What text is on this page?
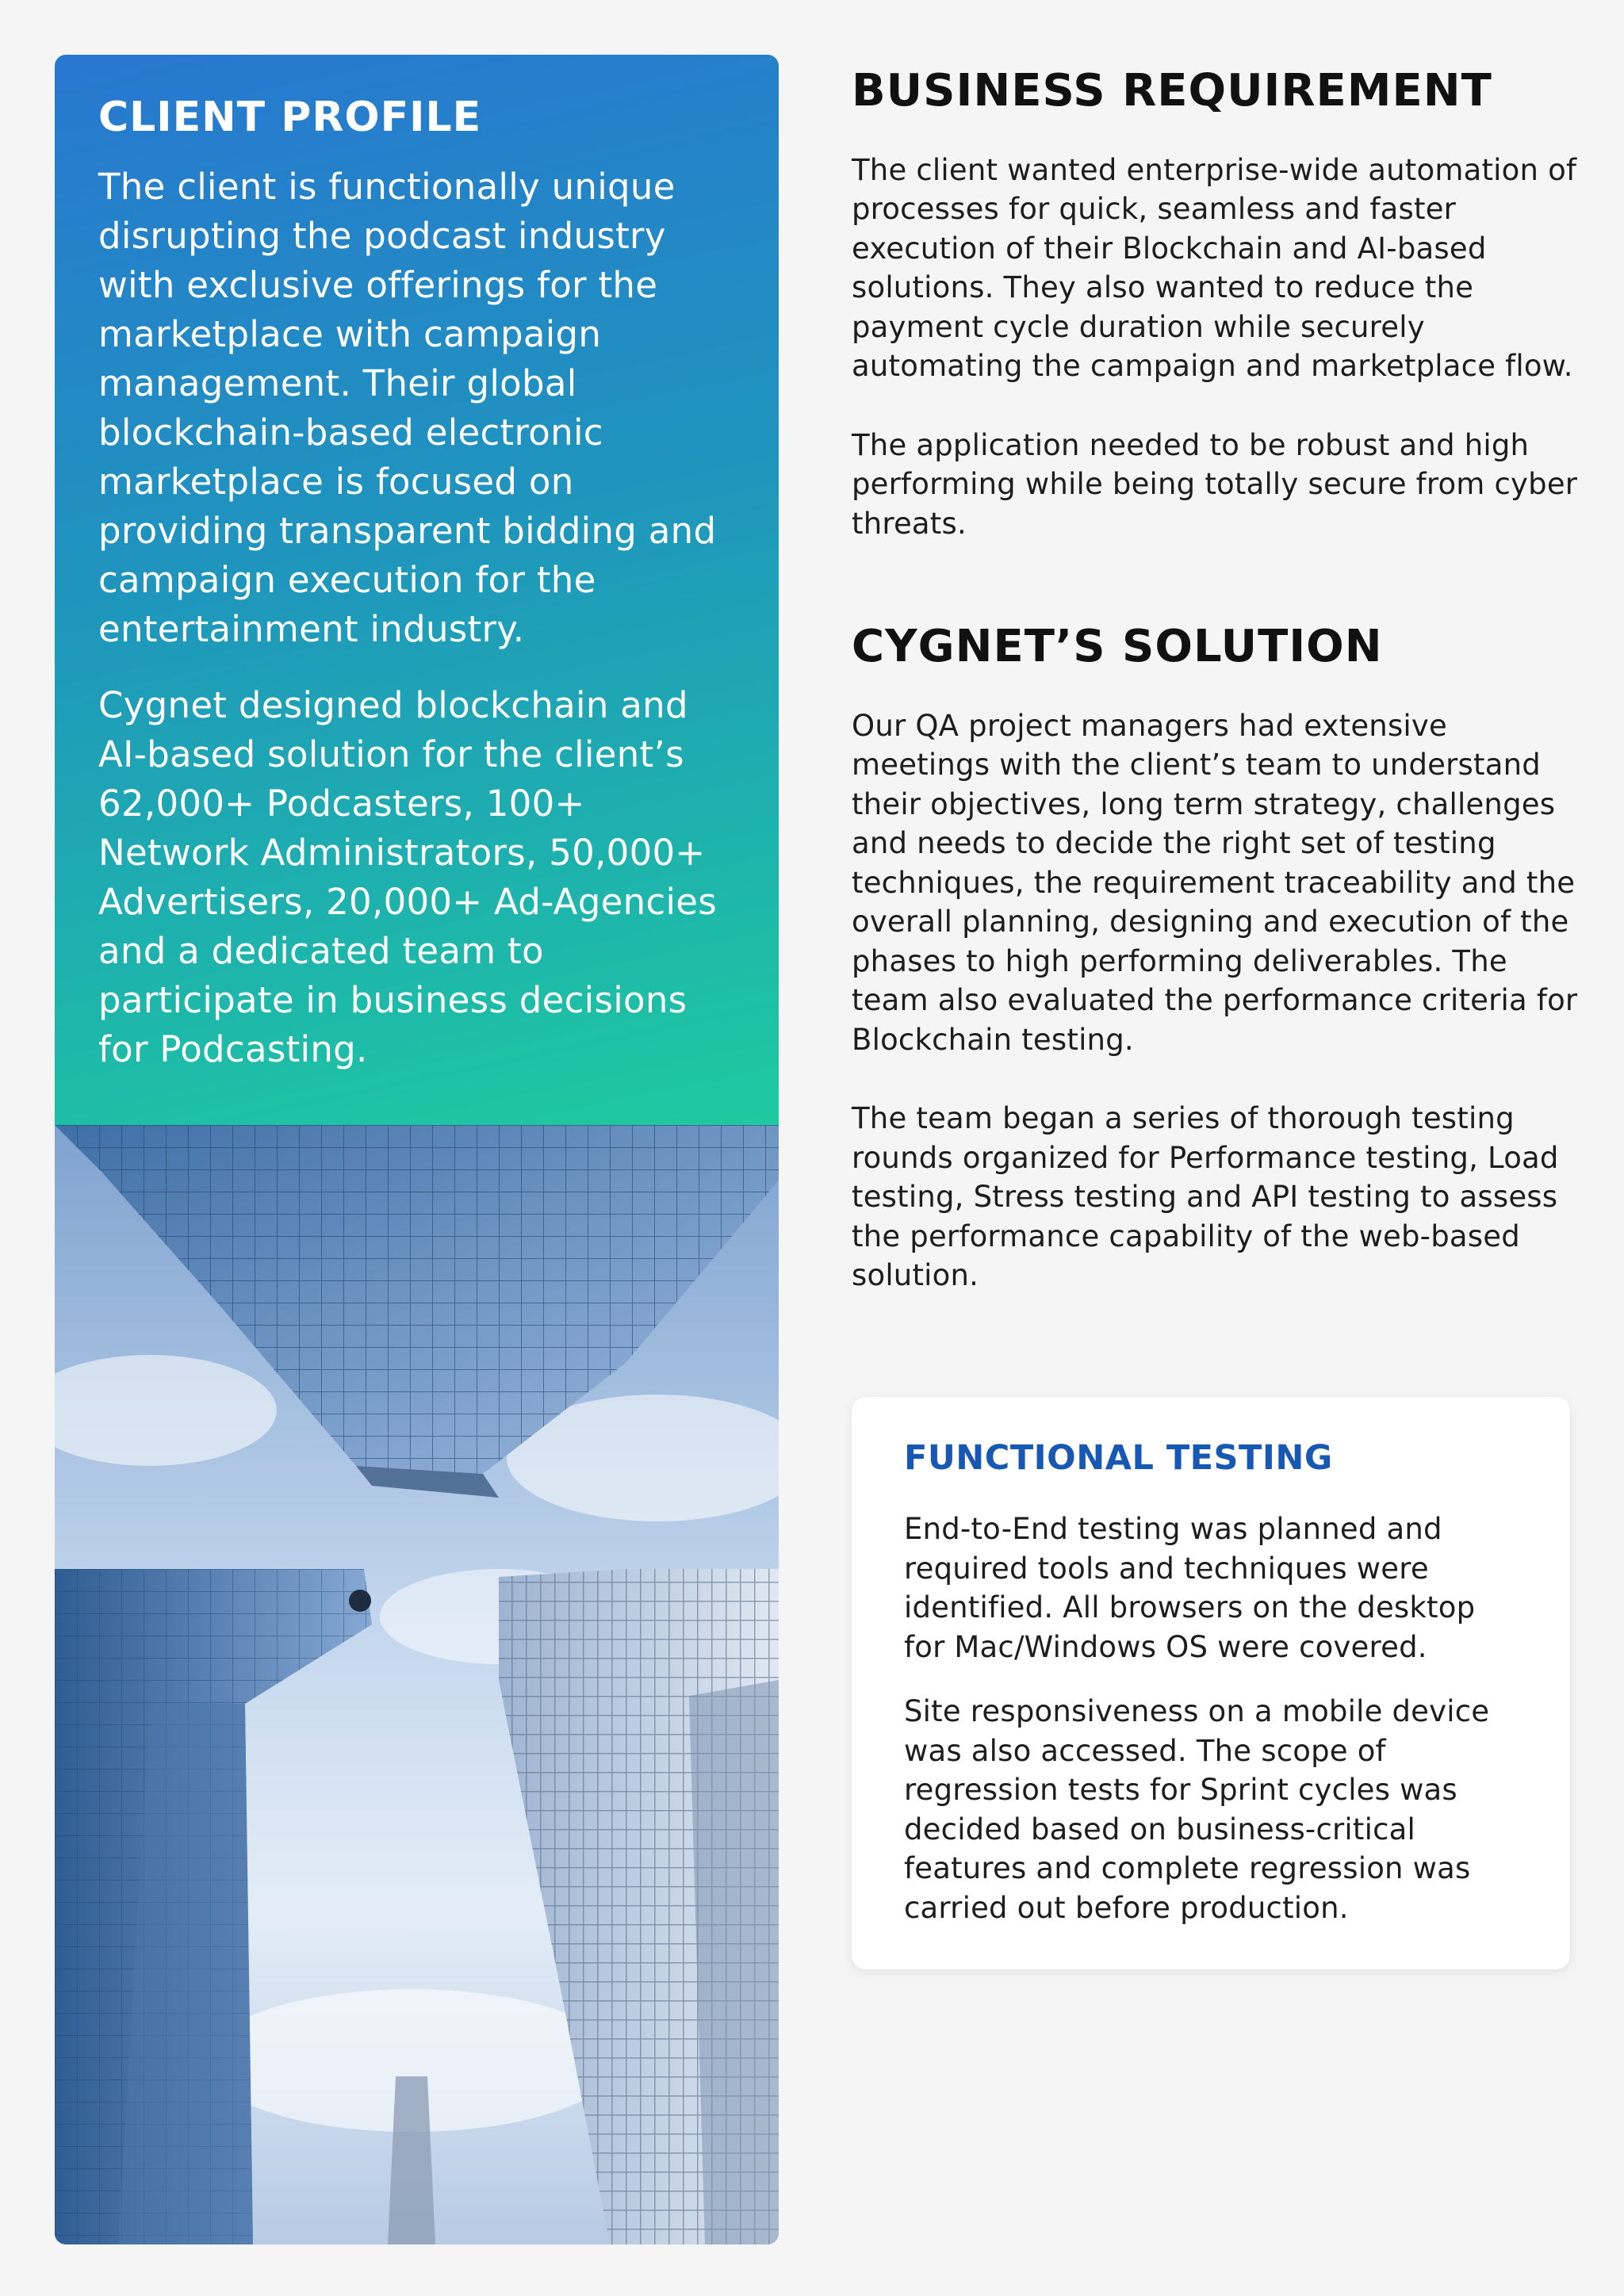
CLIENT PROFILE

The client is functionally unique disrupting the podcast industry with exclusive offerings for the marketplace with campaign management. Their global blockchain-based electronic marketplace is focused on providing transparent bidding and campaign execution for the entertainment industry.

Cygnet designed blockchain and AI-based solution for the client’s 62,000+ Podcasters, 100+ Network Administrators, 50,000+ Advertisers, 20,000+ Ad-Agencies and a dedicated team to participate in business decisions for Podcasting.

BUSINESS REQUIREMENT

The client wanted enterprise-wide automation of processes for quick, seamless and faster execution of their Blockchain and AI-based solutions. They also wanted to reduce the payment cycle duration while securely automating the campaign and marketplace flow.

The application needed to be robust and high performing while being totally secure from cyber threats.

CYGNET’S SOLUTION

Our QA project managers had extensive meetings with the client’s team to understand their objectives, long term strategy, challenges and needs to decide the right set of testing techniques, the requirement traceability and the overall planning, designing and execution of the phases to high performing deliverables. The team also evaluated the performance criteria for Blockchain testing.

The team began a series of thorough testing rounds organized for Performance testing, Load testing, Stress testing and API testing to assess the performance capability of the web-based solution.

FUNCTIONAL TESTING

End-to-End testing was planned and required tools and techniques were identified. All browsers on the desktop for Mac/Windows OS were covered.

Site responsiveness on a mobile device was also accessed. The scope of regression tests for Sprint cycles was decided based on business-critical features and complete regression was carried out before production.
